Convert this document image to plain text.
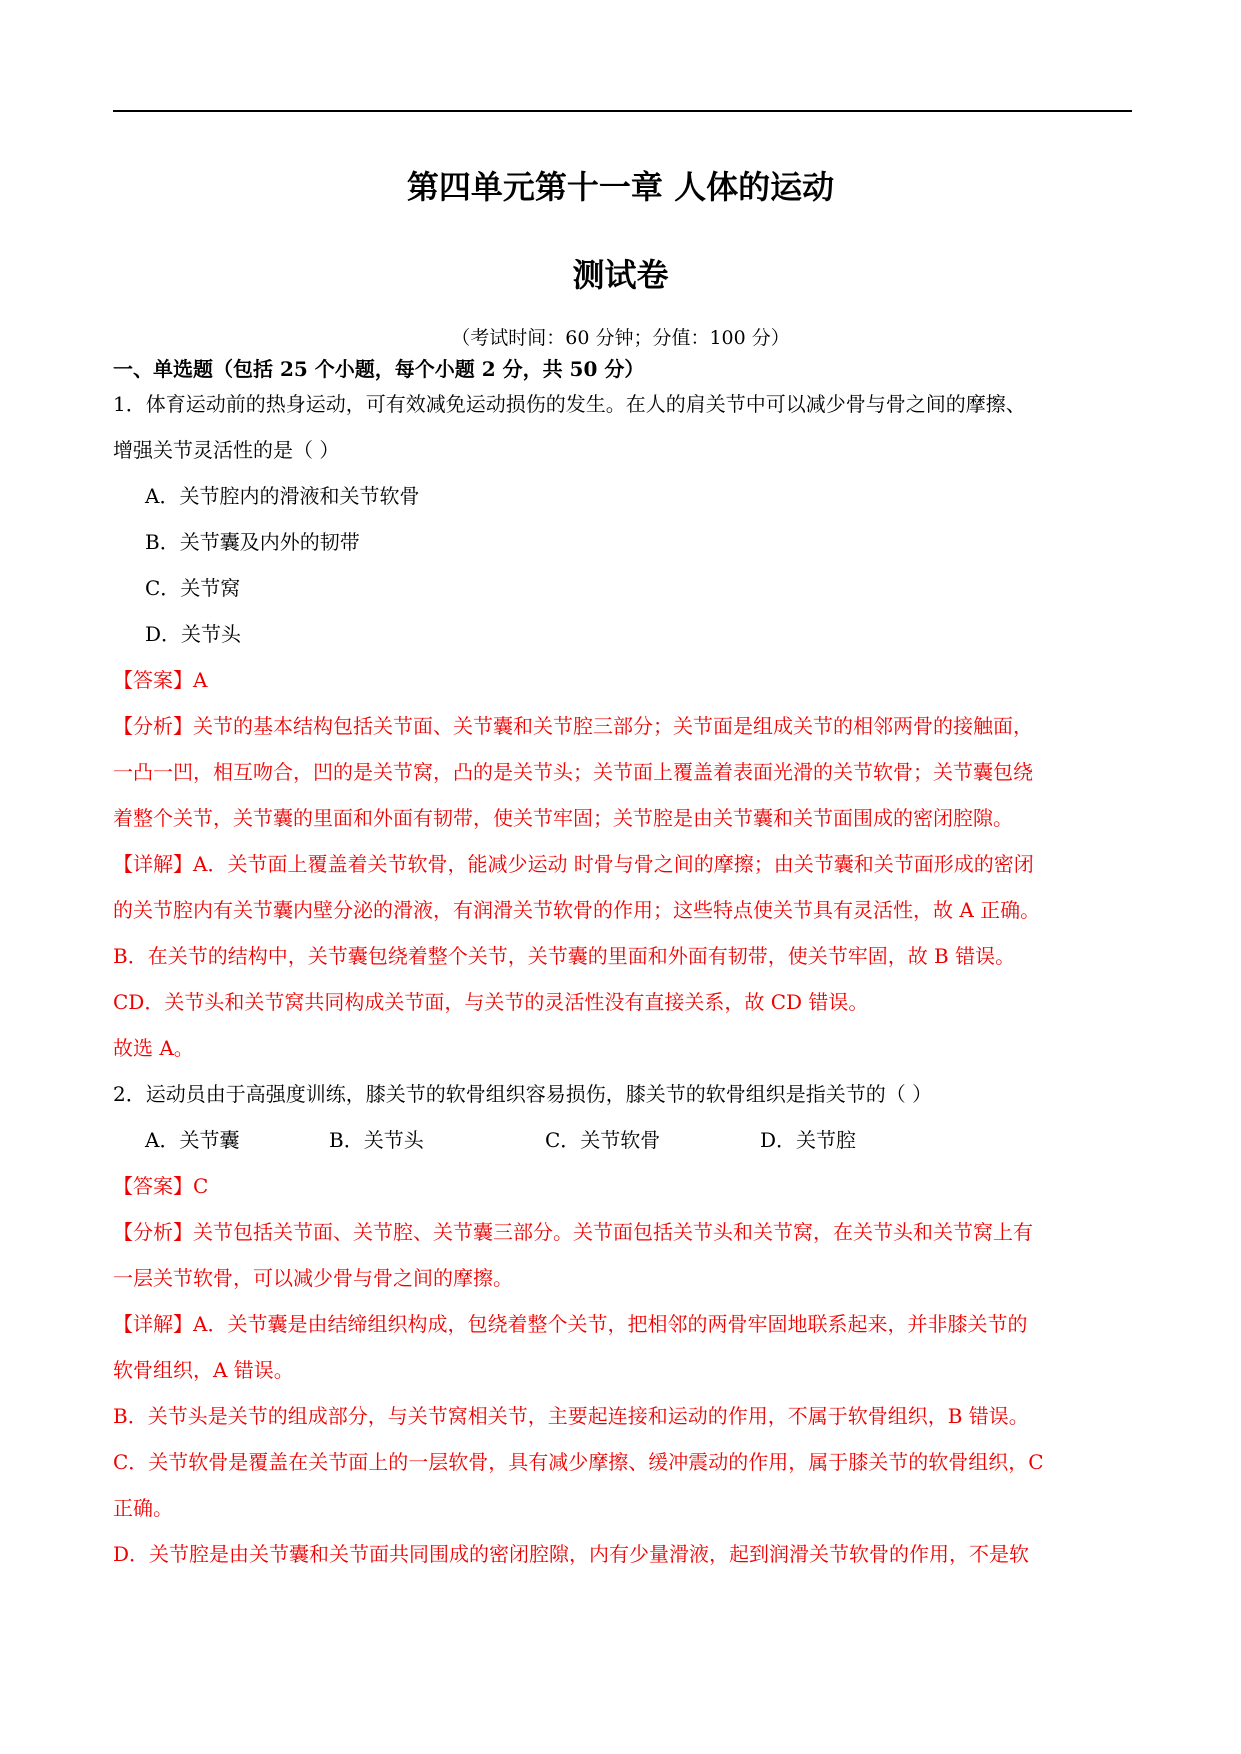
第四单元第十一章 人体的运动
测试卷
（考试时间：60 分钟；分值：100 分）
一、单选题（包括 25 个小题，每个小题 2 分，共 50 分）
1．体育运动前的热身运动，可有效减免运动损伤的发生。在人的肩关节中可以减少骨与骨之间的摩擦、
增强关节灵活性的是（ ）
A．关节腔内的滑液和关节软骨
B．关节囊及内外的韧带
C．关节窝
D．关节头
【答案】A
【分析】关节的基本结构包括关节面、关节囊和关节腔三部分；关节面是组成关节的相邻两骨的接触面，
一凸一凹，相互吻合，凹的是关节窝，凸的是关节头；关节面上覆盖着表面光滑的关节软骨；关节囊包绕
着整个关节，关节囊的里面和外面有韧带，使关节牢固；关节腔是由关节囊和关节面围成的密闭腔隙。
【详解】A．关节面上覆盖着关节软骨，能减少运动 时骨与骨之间的摩擦；由关节囊和关节面形成的密闭
的关节腔内有关节囊内壁分泌的滑液，有润滑关节软骨的作用；这些特点使关节具有灵活性，故 A 正确。
B．在关节的结构中，关节囊包绕着整个关节，关节囊的里面和外面有韧带，使关节牢固，故 B 错误。
CD．关节头和关节窝共同构成关节面，与关节的灵活性没有直接关系，故 CD 错误。
故选 A。
2．运动员由于高强度训练，膝关节的软骨组织容易损伤，膝关节的软骨组织是指关节的（ ）
A．关节囊	B．关节头	C．关节软骨	D．关节腔
【答案】C
【分析】关节包括关节面、关节腔、关节囊三部分。关节面包括关节头和关节窝，在关节头和关节窝上有
一层关节软骨，可以减少骨与骨之间的摩擦。
【详解】A．关节囊是由结缔组织构成，包绕着整个关节，把相邻的两骨牢固地联系起来，并非膝关节的
软骨组织，A 错误。
B．关节头是关节的组成部分，与关节窝相关节，主要起连接和运动的作用，不属于软骨组织，B 错误。
C．关节软骨是覆盖在关节面上的一层软骨，具有减少摩擦、缓冲震动的作用，属于膝关节的软骨组织，C
正确。
D．关节腔是由关节囊和关节面共同围成的密闭腔隙，内有少量滑液，起到润滑关节软骨的作用，不是软
